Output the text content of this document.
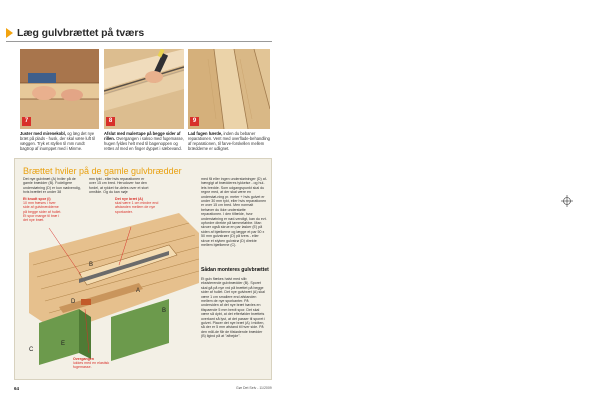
Læg gulvbrættet på tværs
7	8	9
Juster med mirenekobl, og læg det nye bræt på plads - husk, der skal være luft til væggen. Tryk et styllen til mm rundt bagtrop af inumppet med i Minme.
Afslut med malertape på begge sider af rillen. Overgangen i sakso med fugemasse, hugen fyldes helt med til bagenoppen og rettes af med en finger dyppet i sæbevand.
Lad fugen hærde, inden du bebaner reparationen. Vent med overflade-behandling af reparationen, til farve-forskellen mellem brædderne er udlignet.
Brættet hviler på de gamle gulvbrædder
Det nye gulvbræt (A) hviler på de gamle brædder (B). Fodeligere understøtning (D) er kun nødvendig, hvis brættet er under 38
mm tykt - eller hvis reparationen er over 15 cm bred. Herudover har den fordel, at rykket for-deles over et stort område. Og du kan nøje
med få eller ingen understøtninger (D) af-hængigt af brædderes tykkelse - og hul-lets bredde. Som udgangspunkt skal du regne med, at der skal være en understøt-ning pr. meter + hvis gulvet er under 30 mm tykt, eller hvis reparationen er over 15 cm bred. Men normalt behøver du ikke understøtte reparationen. I den tilfælde, hvor understøtning er nød-vendigt, kan du evt. opfordre direkte på tømmeløbbe. Man skruer også skrue en par lasker (E) på siden af bjælkerne og lægge et par 50 x 50 mm gulvstrøer (D) på tvers - eller skrue et styken gulvstrø (D) direkte mellem bjælkerne (C).
Sådan monteres gulvbrættet
Et gulv flækes halvt med slib eksisterende gulvbrædder (B). Sporet skal gå på nye vrd på brættet på begge sider af hullet. Det nye gulvbræt (A) skal være 1 cm smallere end afstanden mellem de nye sporkanter. På undersiden af det nye bræt høvles en tilspaende 5 mm bredt spor. Det skal være så dybt, at det efterfølder brættets overkant så lyst, at det passer til sporet i gulvet. Placer det nye bræt (A) i midten, så der er 5 mm afstand til hver side. På den mål-de får de tilstødende brædder (B) ligind på at "afbejde".
B
A
B
D
C
E
Et knudt spor (i)
10 mm fræses i hver side af gulvbrædderne på begge sider af hullet. Et spor mange til bræ i det nye bræt.
Det nye bræt (A)
skal være 1 cm mindre end afstanden mellem de nye sporkanter.
Overgangen
lukkes med en elastisk fugemasse.
64	Gør Det Selv - 11/2009
